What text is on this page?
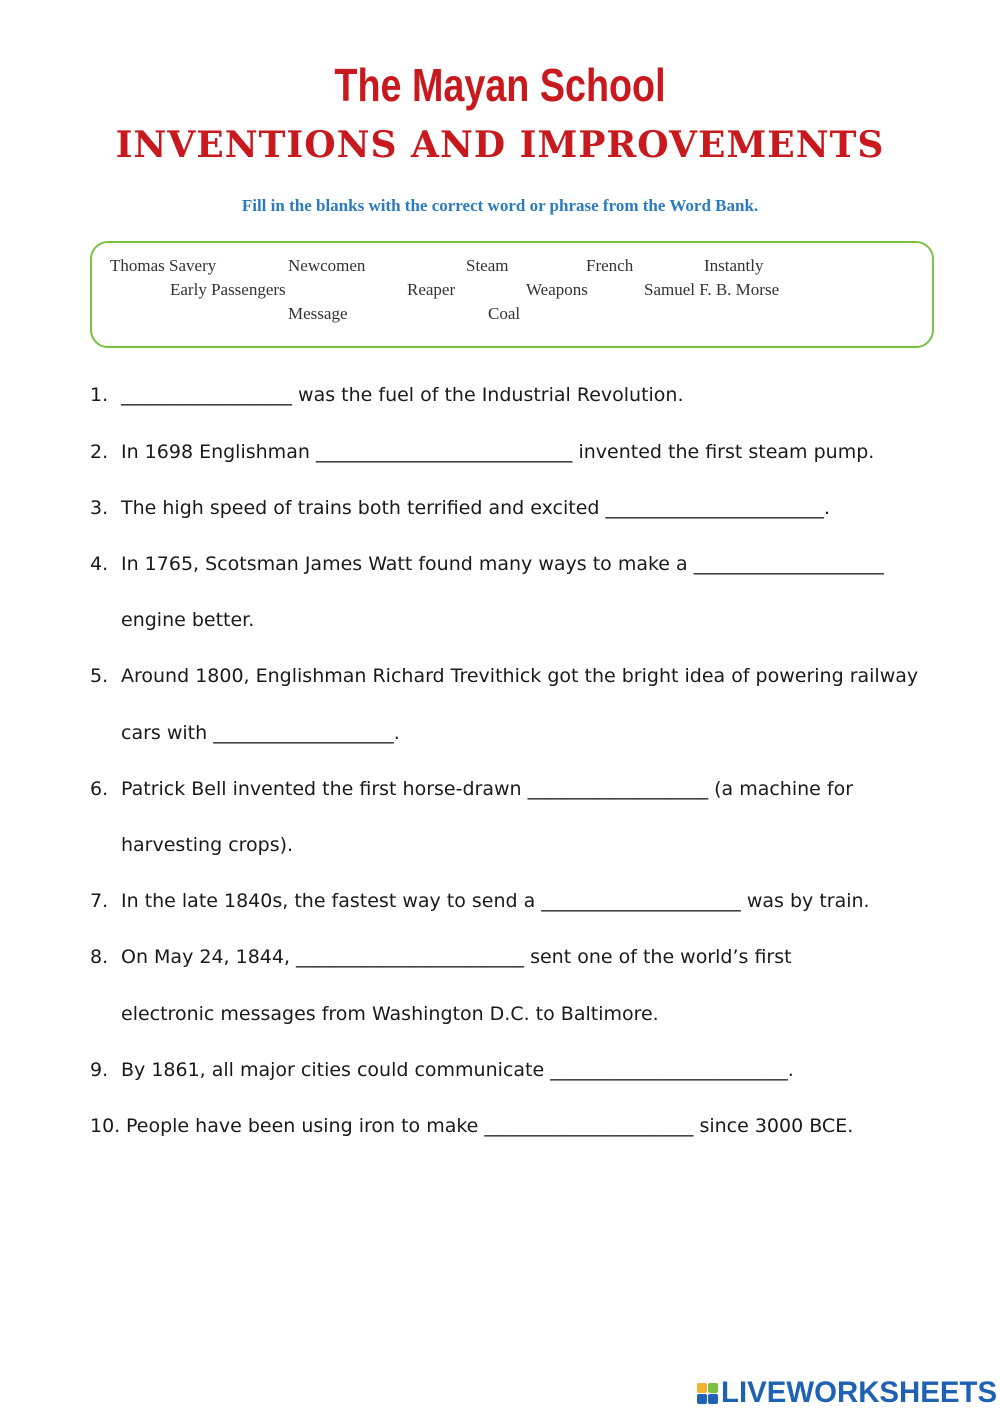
The Mayan School
INVENTIONS AND IMPROVEMENTS
Fill in the blanks with the correct word or phrase from the Word Bank.
Thomas Savery	Newcomen	Steam	French	Instantly
Early Passengers	Reaper	Weapons	Samuel F. B. Morse
Message	Coal
1. __________________ was the fuel of the Industrial Revolution.
2. In 1698 Englishman ___________________________ invented the first steam pump.
3. The high speed of trains both terrified and excited _______________________.
4. In 1765, Scotsman James Watt found many ways to make a ____________________
engine better.
5. Around 1800, Englishman Richard Trevithick got the bright idea of powering railway
cars with ___________________.
6. Patrick Bell invented the first horse-drawn ___________________ (a machine for
harvesting crops).
7. In the late 1840s, the fastest way to send a _____________________ was by train.
8. On May 24, 1844, ________________________ sent one of the world’s first
electronic messages from Washington D.C. to Baltimore.
9. By 1861, all major cities could communicate _________________________.
10. People have been using iron to make ______________________ since 3000 BCE.
LIVEWORKSHEETS
